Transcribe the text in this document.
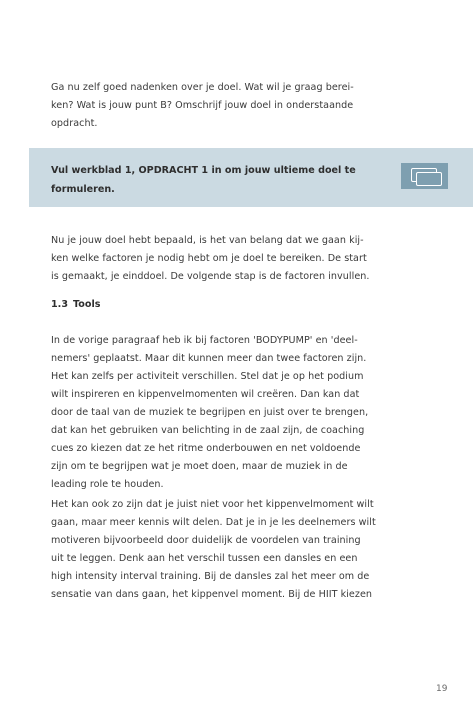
Ga nu zelf goed nadenken over je doel. Wat wil je graag berei-
ken? Wat is jouw punt B? Omschrijf jouw doel in onderstaande
opdracht.

Vul werkblad 1, OPDRACHT 1 in om jouw ultieme doel te
formuleren.

Nu je jouw doel hebt bepaald, is het van belang dat we gaan kij-
ken welke factoren je nodig hebt om je doel te bereiken. De start
is gemaakt, je einddoel. De volgende stap is de factoren invullen.

1.3 Tools

In de vorige paragraaf heb ik bij factoren 'BODYPUMP' en 'deel-
nemers' geplaatst. Maar dit kunnen meer dan twee factoren zijn.
Het kan zelfs per activiteit verschillen. Stel dat je op het podium
wilt inspireren en kippenvelmomenten wil creëren. Dan kan dat
door de taal van de muziek te begrijpen en juist over te brengen,
dat kan het gebruiken van belichting in de zaal zijn, de coaching
cues zo kiezen dat ze het ritme onderbouwen en net voldoende
zijn om te begrijpen wat je moet doen, maar de muziek in de
leading role te houden.

Het kan ook zo zijn dat je juist niet voor het kippenvelmoment wilt
gaan, maar meer kennis wilt delen. Dat je in je les deelnemers wilt
motiveren bijvoorbeeld door duidelijk de voordelen van training
uit te leggen. Denk aan het verschil tussen een dansles en een
high intensity interval training. Bij de dansles zal het meer om de
sensatie van dans gaan, het kippenvel moment. Bij de HIIT kiezen

19
